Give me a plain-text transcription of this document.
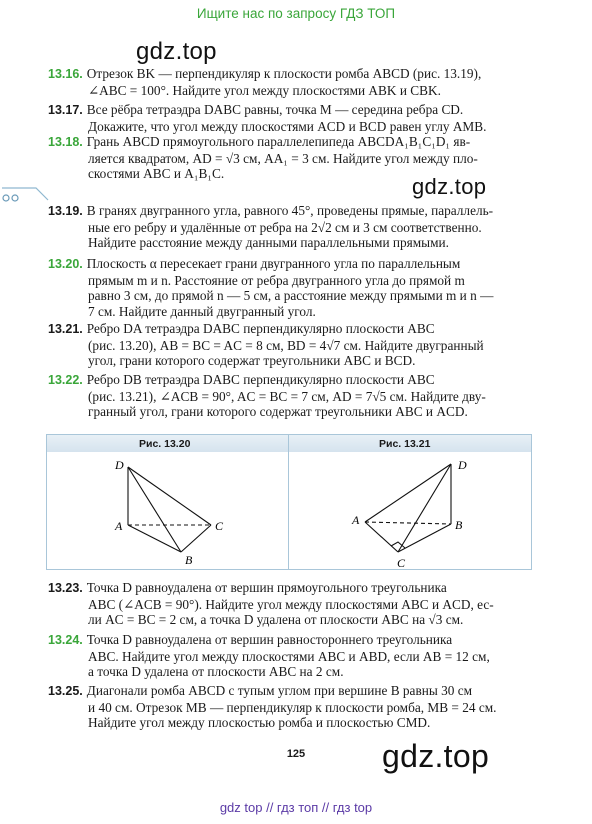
Ищите нас по запросу ГДЗ ТОП
gdz.top
gdz.top
gdz.top
13.16. Отрезок BK — перпендикуляр к плоскости ромба ABCD (рис. 13.19),
∠ABC = 100°. Найдите угол между плоскостями ABK и CBK.
13.17. Все рёбра тетраэдра DABC равны, точка M — середина ребра CD.
Докажите, что угол между плоскостями ACD и BCD равен углу AMB.
13.18. Грань ABCD прямоугольного параллелепипеда ABCDA₁B₁C₁D₁ яв-
ляется квадратом, AD = √3 см, AA₁ = 3 см. Найдите угол между пло-
скостями ABC и A₁B₁C.
13.19. В гранях двугранного угла, равного 45°, проведены прямые, параллель-
ные его ребру и удалённые от ребра на 2√2 см и 3 см соответственно.
Найдите расстояние между данными параллельными прямыми.
13.20. Плоскость α пересекает грани двугранного угла по параллельным
прямым m и n. Расстояние от ребра двугранного угла до прямой m
равно 3 см, до прямой n — 5 см, а расстояние между прямыми m и n —
7 см. Найдите данный двугранный угол.
13.21. Ребро DA тетраэдра DABC перпендикулярно плоскости ABC
(рис. 13.20), AB = BC = AC = 8 см, BD = 4√7 см. Найдите двугранный
угол, грани которого содержат треугольники ABC и BCD.
13.22. Ребро DB тетраэдра DABC перпендикулярно плоскости ABC
(рис. 13.21), ∠ACB = 90°, AC = BC = 7 см, AD = 7√5 см. Найдите дву-
гранный угол, грани которого содержат треугольники ABC и ACD.
Рис. 13.20	Рис. 13.21
D
A	C
B
D
A	B
C
13.23. Точка D равноудалена от вершин прямоугольного треугольника
ABC (∠ACB = 90°). Найдите угол между плоскостями ABC и ACD, ес-
ли AC = BC = 2 см, а точка D удалена от плоскости ABC на √3 см.
13.24. Точка D равноудалена от вершин равностороннего треугольника
ABC. Найдите угол между плоскостями ABC и ABD, если AB = 12 см,
а точка D удалена от плоскости ABC на 2 см.
13.25. Диагонали ромба ABCD с тупым углом при вершине B равны 30 см
и 40 см. Отрезок MB — перпендикуляр к плоскости ромба, MB = 24 см.
Найдите угол между плоскостью ромба и плоскостью CMD.
125
gdz top // гдз топ // гдз top
